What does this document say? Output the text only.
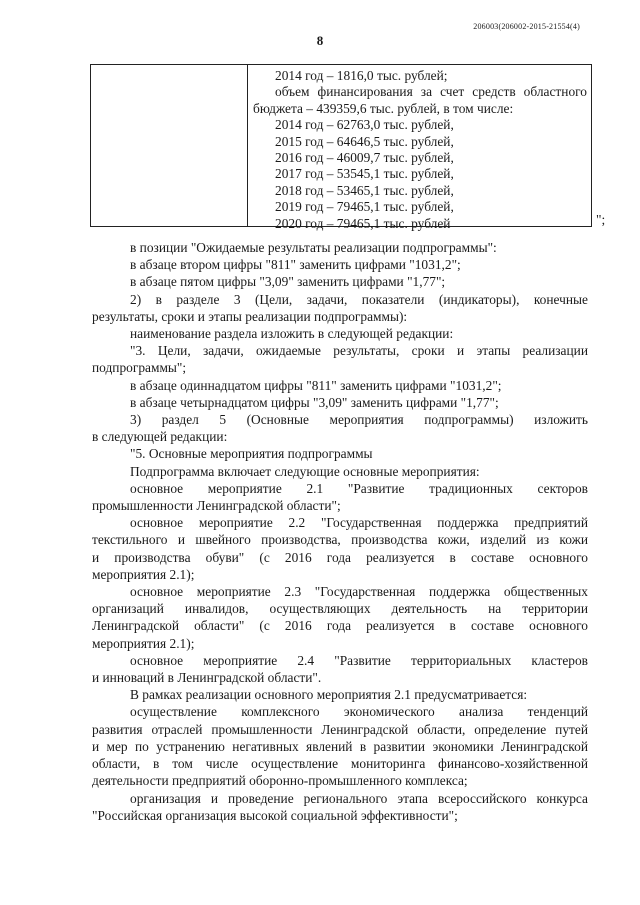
206003(206002-2015-21554(4)
8
2014 год – 1816,0 тыс. рублей;
объем финансирования за счет средств областного
бюджета – 439359,6 тыс. рублей, в том числе:
2014 год – 62763,0 тыс. рублей,
2015 год – 64646,5 тыс. рублей,
2016 год – 46009,7 тыс. рублей,
2017 год – 53545,1 тыс. рублей,
2018 год – 53465,1 тыс. рублей,
2019 год – 79465,1 тыс. рублей,
2020 год – 79465,1 тыс. рублей	";
в позиции "Ожидаемые результаты реализации подпрограммы":
в абзаце втором цифры "811" заменить цифрами "1031,2";
в абзаце пятом цифры "3,09" заменить цифрами "1,77";
2) в разделе 3 (Цели, задачи, показатели (индикаторы), конечные
результаты, сроки и этапы реализации подпрограммы):
наименование раздела изложить в следующей редакции:
"3. Цели, задачи, ожидаемые результаты, сроки и этапы реализации
подпрограммы";
в абзаце одиннадцатом цифры "811" заменить цифрами "1031,2";
в абзаце четырнадцатом цифры "3,09" заменить цифрами "1,77";
3) раздел 5 (Основные мероприятия подпрограммы) изложить
в следующей редакции:
"5. Основные мероприятия подпрограммы
Подпрограмма включает следующие основные мероприятия:
основное мероприятие 2.1 "Развитие традиционных секторов
промышленности Ленинградской области";
основное мероприятие 2.2 "Государственная поддержка предприятий
текстильного и швейного производства, производства кожи, изделий из кожи
и производства обуви" (с 2016 года реализуется в составе основного
мероприятия 2.1);
основное мероприятие 2.3 "Государственная поддержка общественных
организаций инвалидов, осуществляющих деятельность на территории
Ленинградской области" (с 2016 года реализуется в составе основного
мероприятия 2.1);
основное мероприятие 2.4 "Развитие территориальных кластеров
и инноваций в Ленинградской области".
В рамках реализации основного мероприятия 2.1 предусматривается:
осуществление комплексного экономического анализа тенденций
развития отраслей промышленности Ленинградской области, определение путей
и мер по устранению негативных явлений в развитии экономики Ленинградской
области, в том числе осуществление мониторинга финансово-хозяйственной
деятельности предприятий оборонно-промышленного комплекса;
организация и проведение регионального этапа всероссийского конкурса
"Российская организация высокой социальной эффективности";
